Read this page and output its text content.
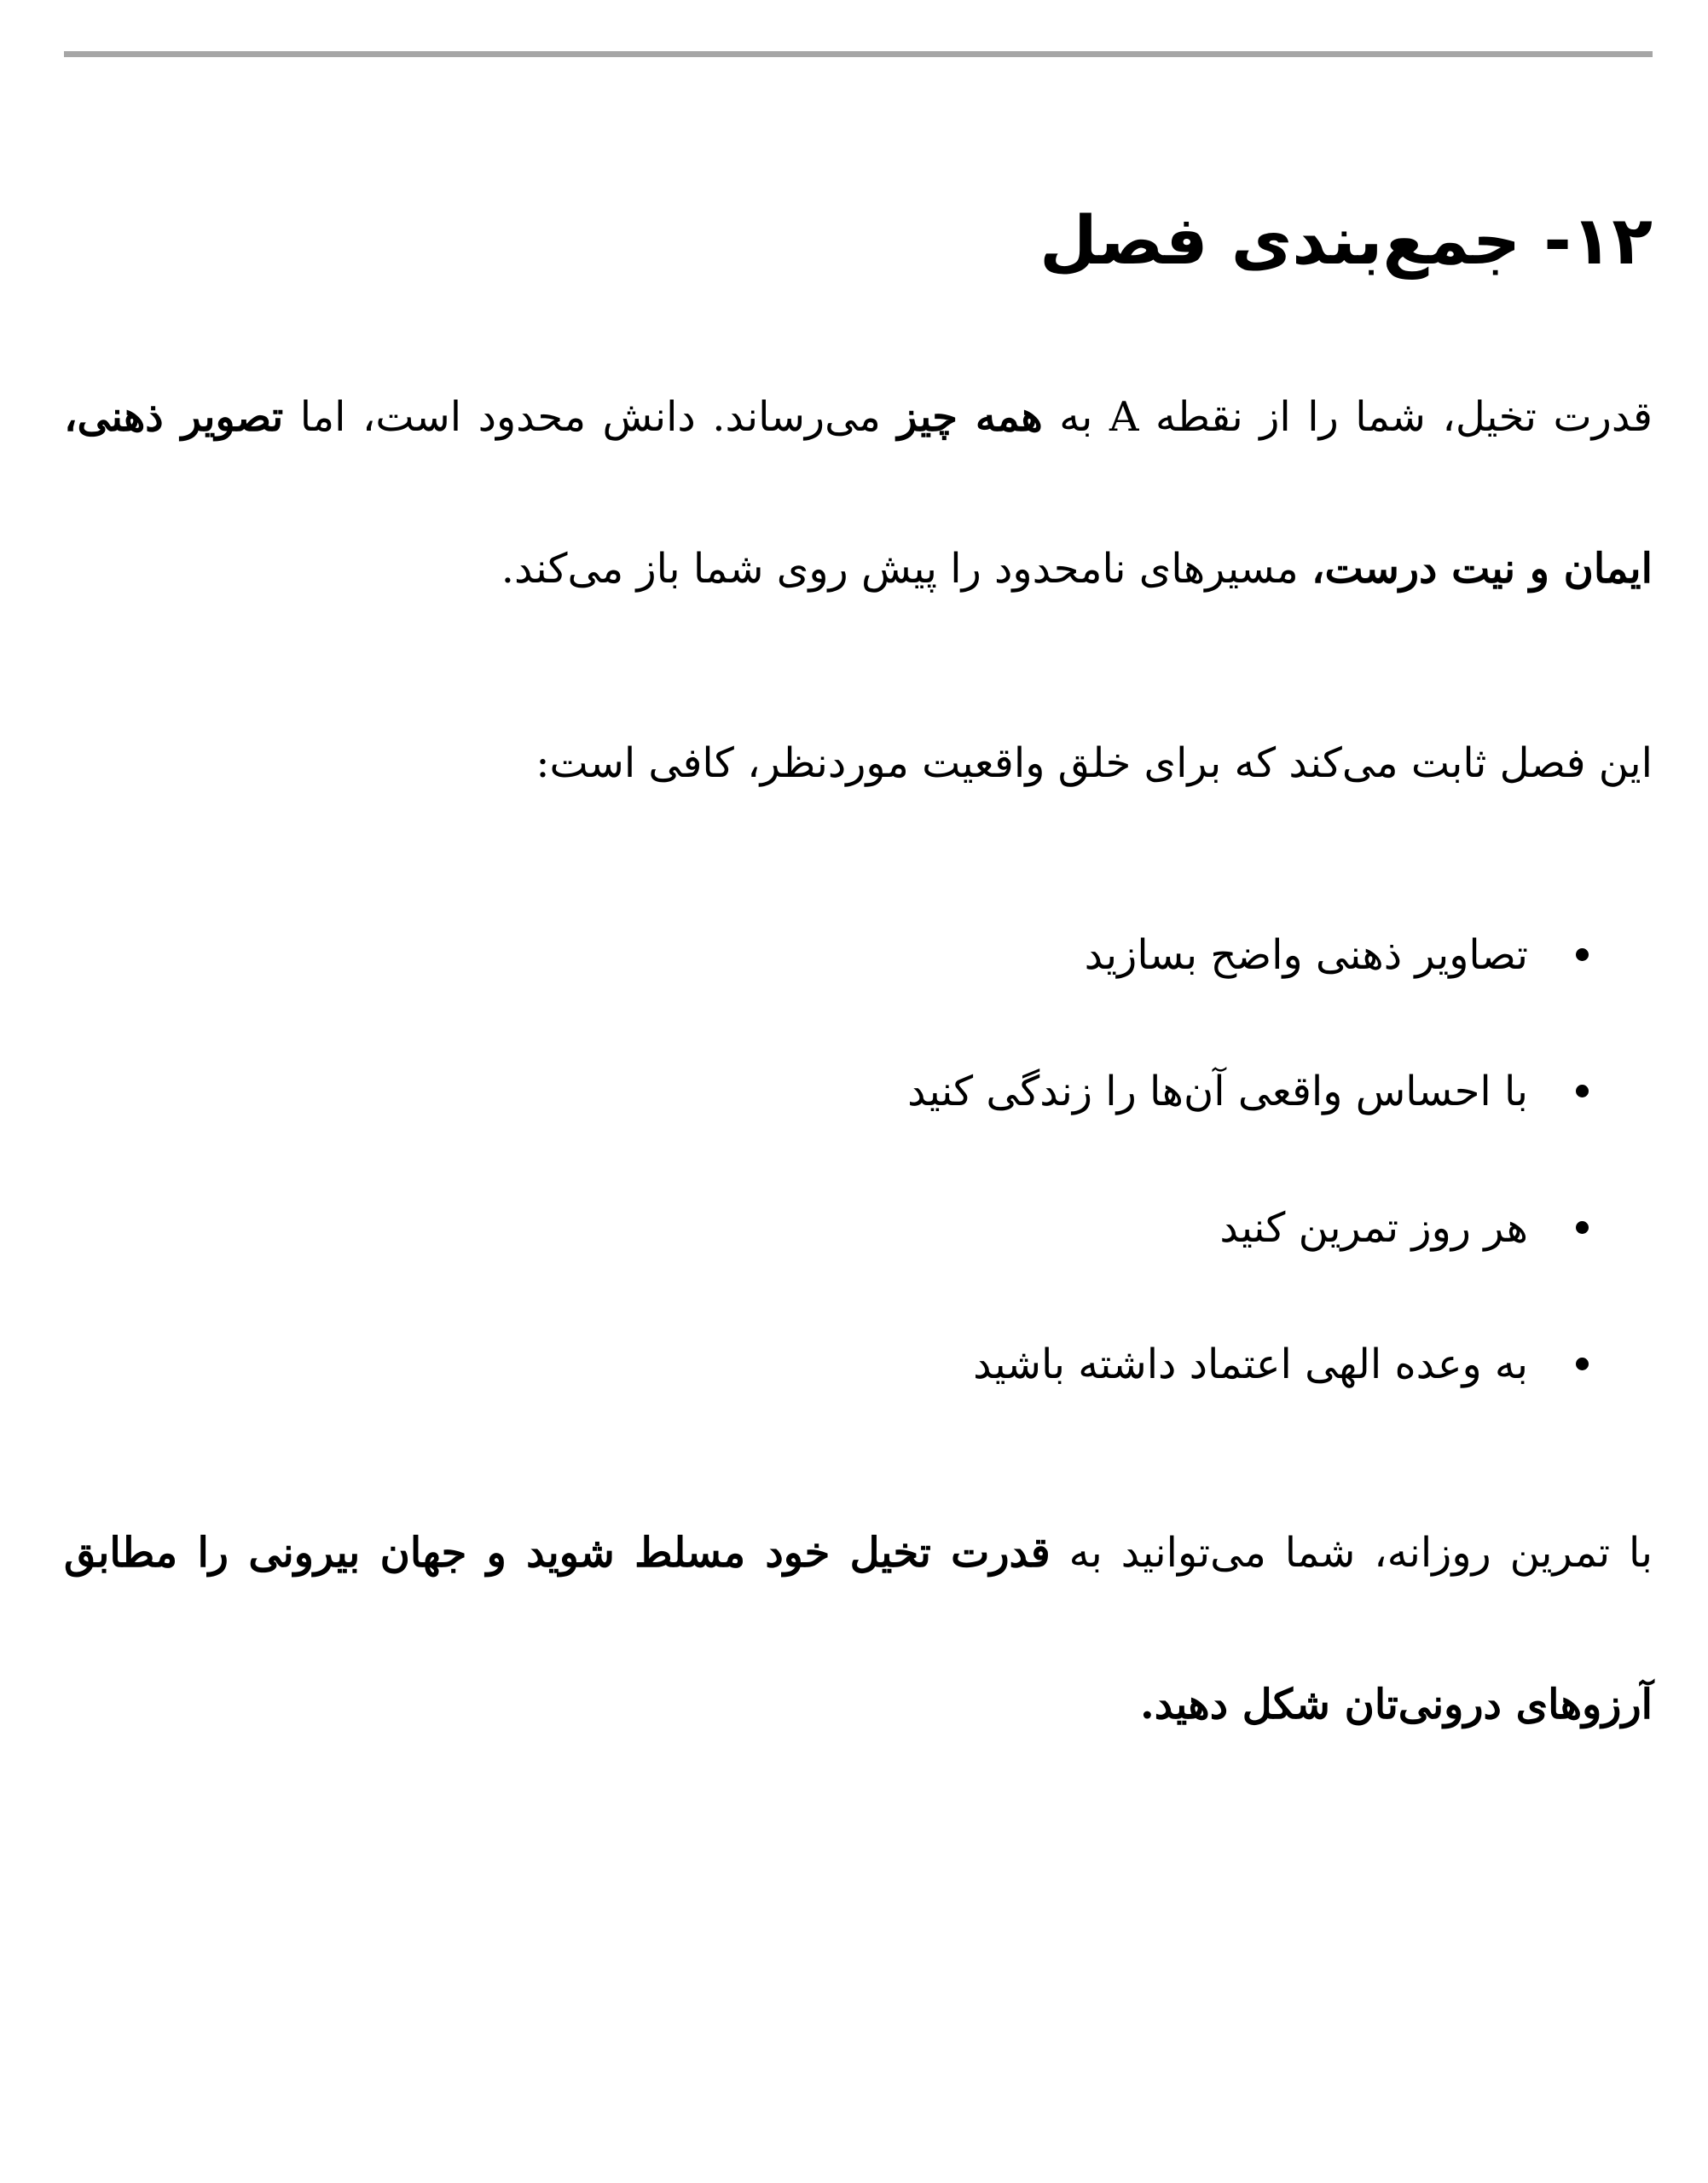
۱۲- جمع‌بندی فصل

قدرت تخیل، شما را از نقطه A به همه چیز می‌رساند. دانش محدود است، اما تصویر ذهنی، ایمان و نیت درست، مسیرهای نامحدود را پیش روی شما باز می‌کند.

این فصل ثابت می‌کند که برای خلق واقعیت موردنظر، کافی است:

تصاویر ذهنی واضح بسازید
با احساس واقعی آن‌ها را زندگی کنید
هر روز تمرین کنید
به وعده الهی اعتماد داشته باشید

با تمرین روزانه، شما می‌توانید به قدرت تخیل خود مسلط شوید و جهان بیرونی را مطابق آرزوهای درونی‌تان شکل دهید.
